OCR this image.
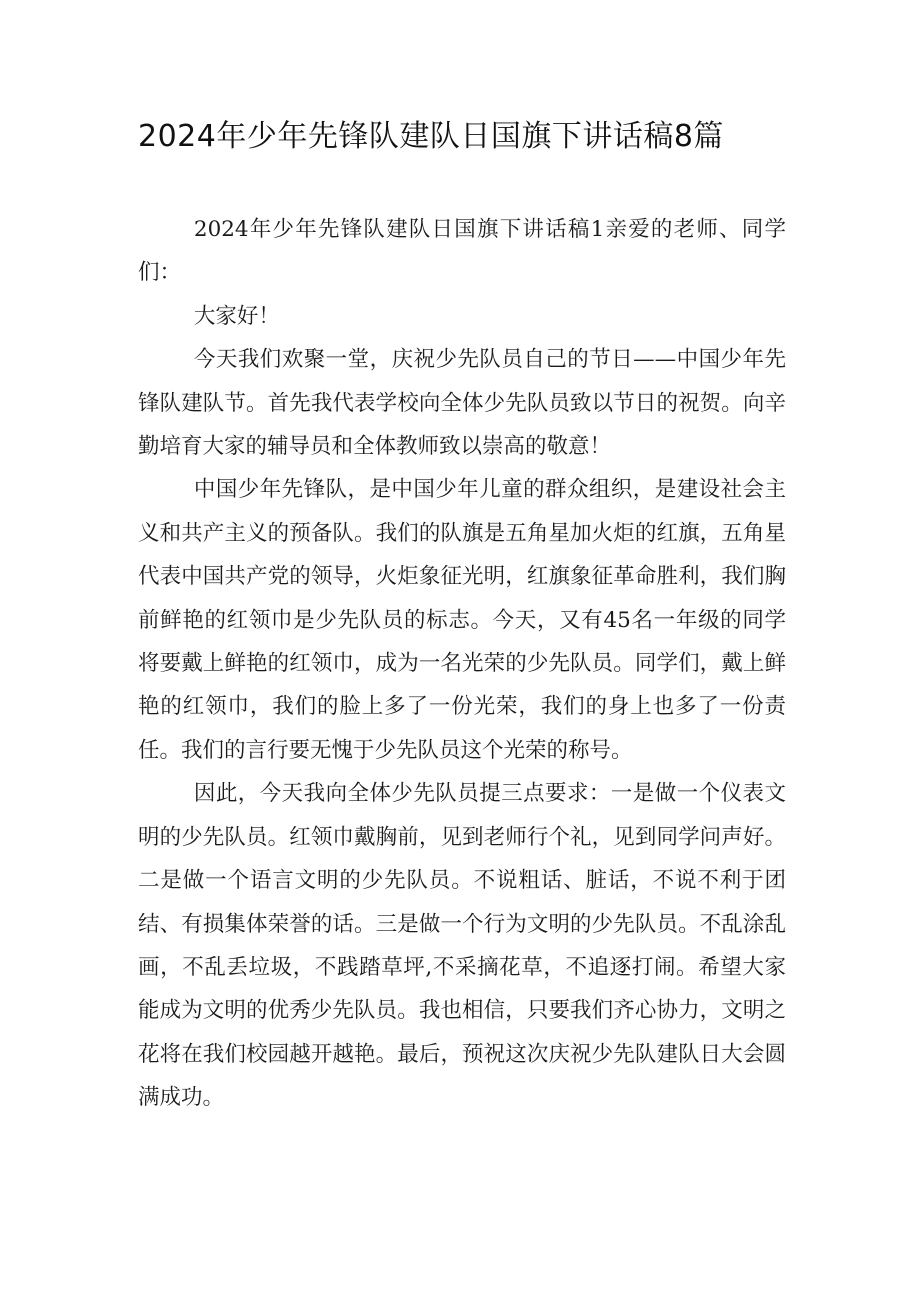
2024年少年先锋队建队日国旗下讲话稿8篇

2024年少年先锋队建队日国旗下讲话稿1亲爱的老师、同学们：

大家好！

今天我们欢聚一堂，庆祝少先队员自己的节日——中国少年先锋队建队节。首先我代表学校向全体少先队员致以节日的祝贺。向辛勤培育大家的辅导员和全体教师致以崇高的敬意！

中国少年先锋队，是中国少年儿童的群众组织，是建设社会主义和共产主义的预备队。我们的队旗是五角星加火炬的红旗，五角星代表中国共产党的领导，火炬象征光明，红旗象征革命胜利，我们胸前鲜艳的红领巾是少先队员的标志。今天，又有45名一年级的同学将要戴上鲜艳的红领巾，成为一名光荣的少先队员。同学们，戴上鲜艳的红领巾，我们的脸上多了一份光荣，我们的身上也多了一份责任。我们的言行要无愧于少先队员这个光荣的称号。

因此，今天我向全体少先队员提三点要求：一是做一个仪表文明的少先队员。红领巾戴胸前，见到老师行个礼，见到同学问声好。二是做一个语言文明的少先队员。不说粗话、脏话，不说不利于团结、有损集体荣誉的话。三是做一个行为文明的少先队员。不乱涂乱画，不乱丢垃圾，不践踏草坪,不采摘花草，不追逐打闹。希望大家能成为文明的优秀少先队员。我也相信，只要我们齐心协力，文明之花将在我们校园越开越艳。最后，预祝这次庆祝少先队建队日大会圆满成功。
